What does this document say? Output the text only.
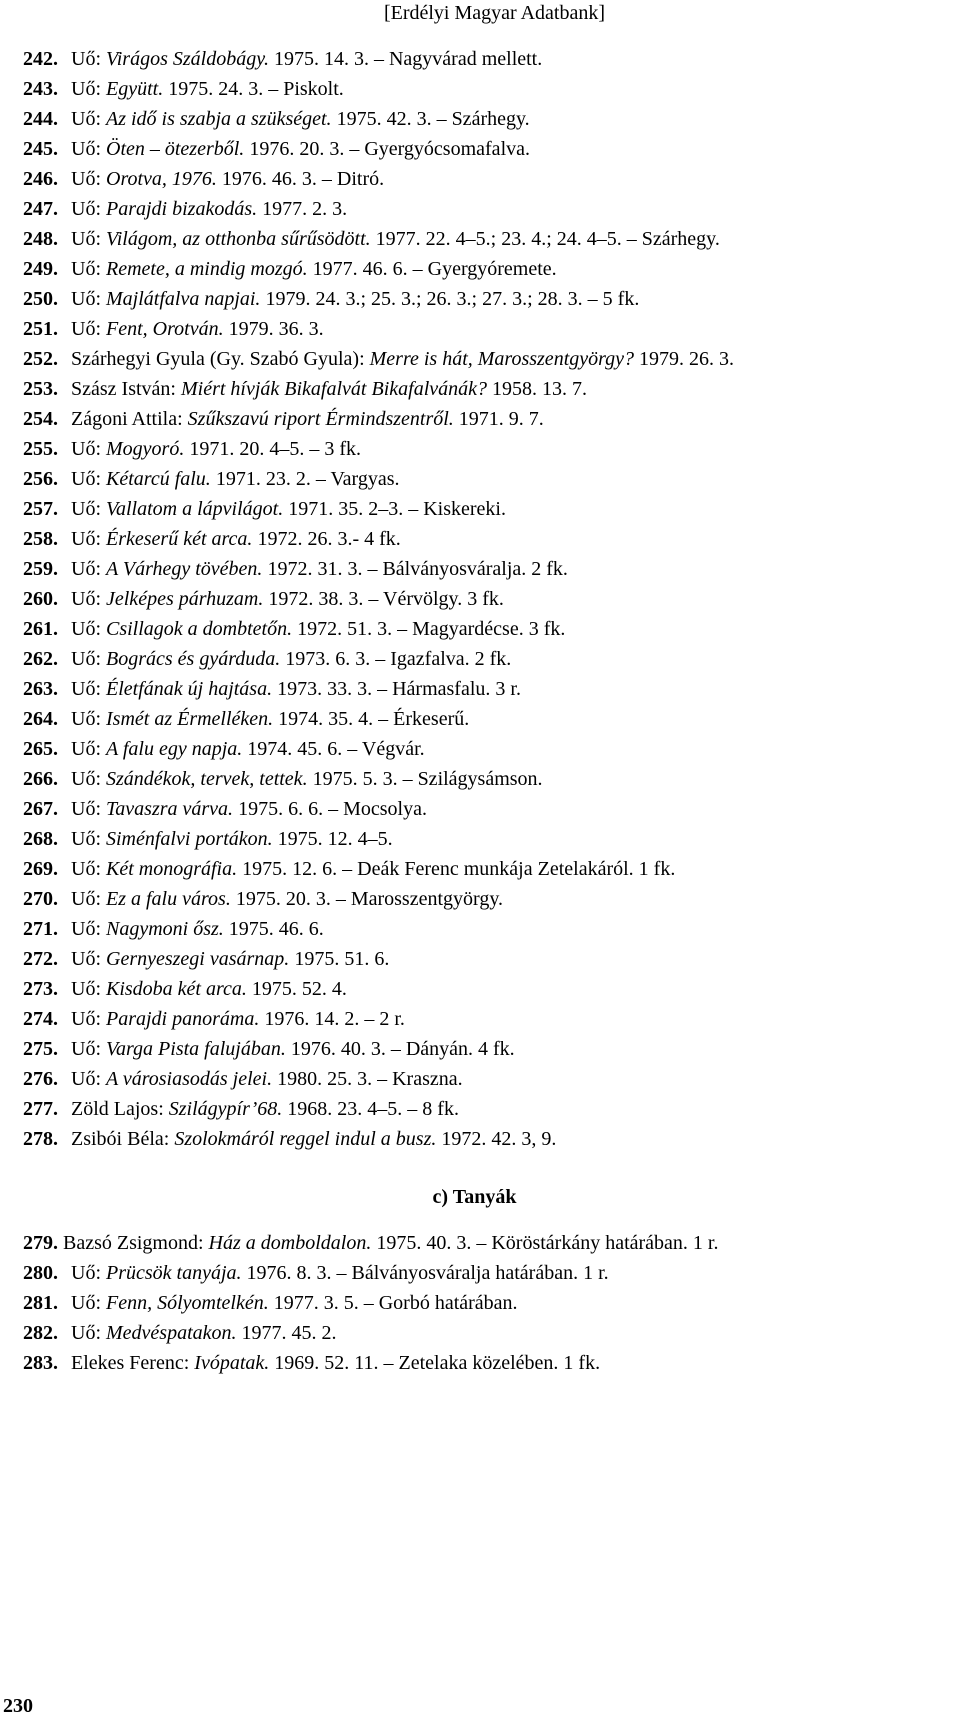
[Erdélyi Magyar Adatbank]
242. Uő: Virágos Száldobágy. 1975. 14. 3. – Nagyvárad mellett.
243. Uő: Együtt. 1975. 24. 3. – Piskolt.
244. Uő: Az idő is szabja a szükséget. 1975. 42. 3. – Szárhegy.
245. Uő: Öten – ötezerből. 1976. 20. 3. – Gyergyócsomafalva.
246. Uő: Orotva, 1976. 1976. 46. 3. – Ditró.
247. Uő: Parajdi bizakodás. 1977. 2. 3.
248. Uő: Világom, az otthonba sűrűsödött. 1977. 22. 4–5.; 23. 4.; 24. 4–5. – Szárhegy.
249. Uő: Remete, a mindig mozgó. 1977. 46. 6. – Gyergyóremete.
250. Uő: Majlátfalva napjai. 1979. 24. 3.; 25. 3.; 26. 3.; 27. 3.; 28. 3. – 5 fk.
251. Uő: Fent, Orotván. 1979. 36. 3.
252. Szárhegyi Gyula (Gy. Szabó Gyula): Merre is hát, Marosszentgyörgy? 1979. 26. 3.
253. Szász István: Miért hívják Bikafalvát Bikafalvánák? 1958. 13. 7.
254. Zágoni Attila: Szűkszavú riport Érmindszentről. 1971. 9. 7.
255. Uő: Mogyoró. 1971. 20. 4–5. – 3 fk.
256. Uő: Kétarcú falu. 1971. 23. 2. – Vargyas.
257. Uő: Vallatom a lápvilágot. 1971. 35. 2–3. – Kiskereki.
258. Uő: Érkeserű két arca. 1972. 26. 3.- 4 fk.
259. Uő: A Várhegy tövében. 1972. 31. 3. – Bálványosváralja. 2 fk.
260. Uő: Jelképes párhuzam. 1972. 38. 3. – Vérvölgy. 3 fk.
261. Uő: Csillagok a dombtetőn. 1972. 51. 3. – Magyardécse. 3 fk.
262. Uő: Bogrács és gyárduda. 1973. 6. 3. – Igazfalva. 2 fk.
263. Uő: Életfának új hajtása. 1973. 33. 3. – Hármasfalu. 3 r.
264. Uő: Ismét az Érmelléken. 1974. 35. 4. – Érkeserű.
265. Uő: A falu egy napja. 1974. 45. 6. – Végvár.
266. Uő: Szándékok, tervek, tettek. 1975. 5. 3. – Szilágysámson.
267. Uő: Tavaszra várva. 1975. 6. 6. – Mocsolya.
268. Uő: Siménfalvi portákon. 1975. 12. 4–5.
269. Uő: Két monográfia. 1975. 12. 6. – Deák Ferenc munkája Zetelakáról. 1 fk.
270. Uő: Ez a falu város. 1975. 20. 3. – Marosszentgyörgy.
271. Uő: Nagymoni ősz. 1975. 46. 6.
272. Uő: Gernyeszegi vasárnap. 1975. 51. 6.
273. Uő: Kisdoba két arca. 1975. 52. 4.
274. Uő: Parajdi panoráma. 1976. 14. 2. – 2 r.
275. Uő: Varga Pista falujában. 1976. 40. 3. – Dányán. 4 fk.
276. Uő: A városiasodás jelei. 1980. 25. 3. – Kraszna.
277. Zöld Lajos: Szilágypír’68. 1968. 23. 4–5. – 8 fk.
278. Zsibói Béla: Szolokmáról reggel indul a busz. 1972. 42. 3, 9.
c) Tanyák
279. Bazsó Zsigmond: Ház a domboldalon. 1975. 40. 3. – Köröstárkány határában. 1 r.
280. Uő: Prücsök tanyája. 1976. 8. 3. – Bálványosváralja határában. 1 r.
281. Uő: Fenn, Sólyomtelkén. 1977. 3. 5. – Gorbó határában.
282. Uő: Medvéspatakon. 1977. 45. 2.
283. Elekes Ferenc: Ivópatak. 1969. 52. 11. – Zetelaka közelében. 1 fk.
230
